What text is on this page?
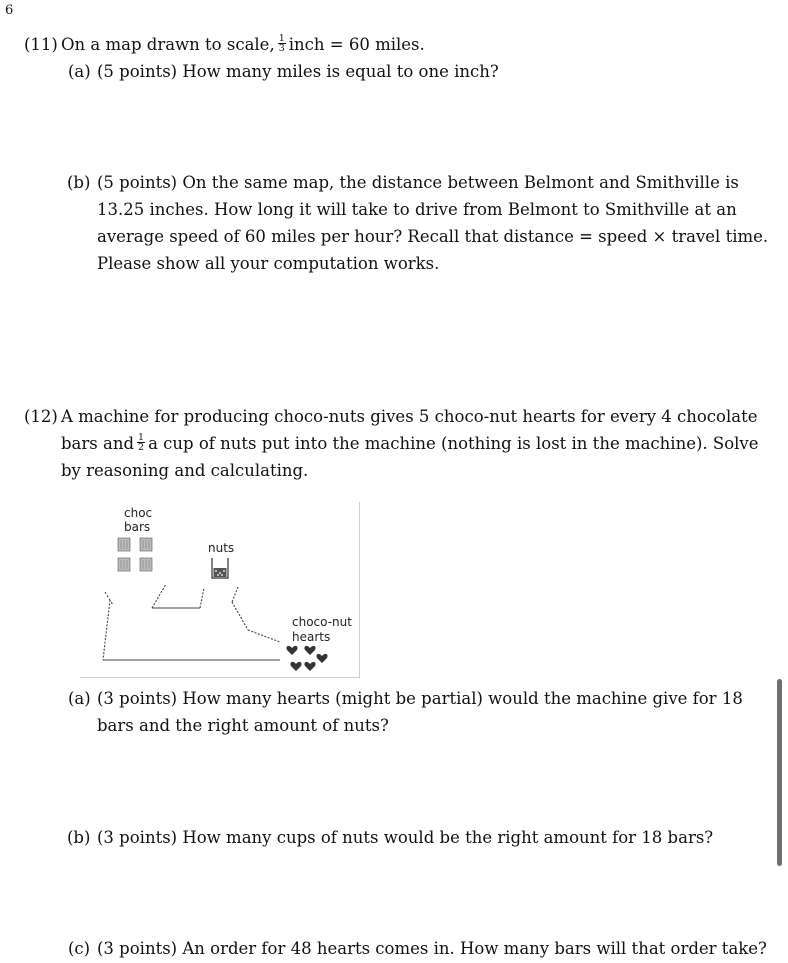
6
(11) On a map drawn to scale, $\frac{1}{3}$ inch = 60 miles.
(a) (5 points) How many miles is equal to one inch?
(b) (5 points) On the same map, the distance between Belmont and Smithville is
13.25 inches. How long it will take to drive from Belmont to Smithville at an
average speed of 60 miles per hour? Recall that distance = speed × travel time.
Please show all your computation works.
(12) A machine for producing choco-nuts gives 5 choco-nut hearts for every 4 chocolate
bars and $\frac{1}{2}$ a cup of nuts put into the machine (nothing is lost in the machine). Solve
by reasoning and calculating.
choc
bars
nuts
choco-nut
hearts
(a) (3 points) How many hearts (might be partial) would the machine give for 18
bars and the right amount of nuts?
(b) (3 points) How many cups of nuts would be the right amount for 18 bars?
(c) (3 points) An order for 48 hearts comes in. How many bars will that order take?
